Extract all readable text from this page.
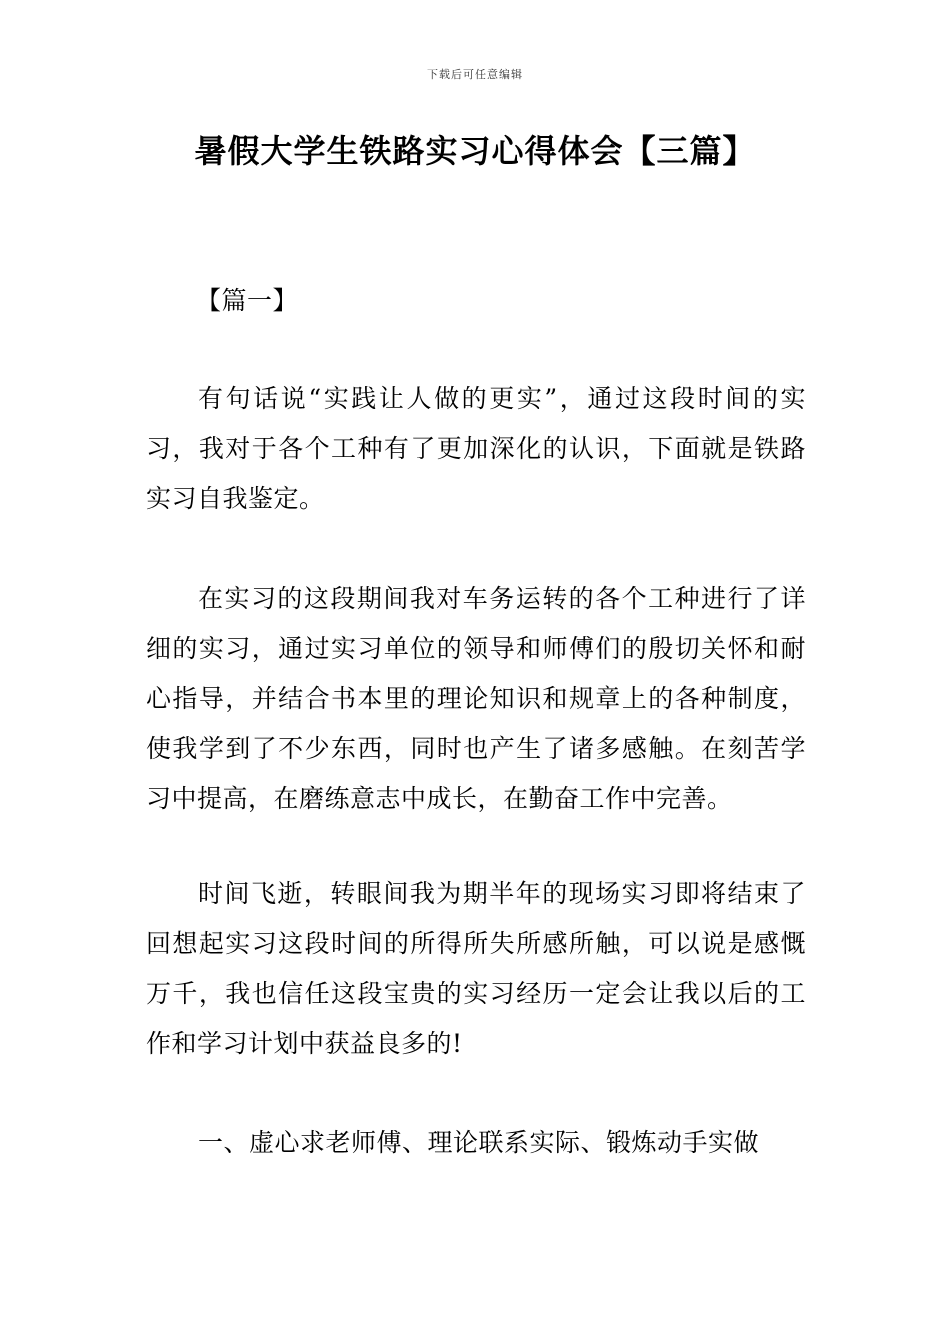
下载后可任意编辑
暑假大学生铁路实习心得体会【三篇】
【篇一】
有句话说“实践让人做的更实”，通过这段时间的实习，我对于各个工种有了更加深化的认识，下面就是铁路实习自我鉴定。
在实习的这段期间我对车务运转的各个工种进行了详细的实习，通过实习单位的领导和师傅们的殷切关怀和耐心指导，并结合书本里的理论知识和规章上的各种制度，使我学到了不少东西，同时也产生了诸多感触。在刻苦学习中提高，在磨练意志中成长，在勤奋工作中完善。
时间飞逝，转眼间我为期半年的现场实习即将结束了回想起实习这段时间的所得所失所感所触，可以说是感慨万千，我也信任这段宝贵的实习经历一定会让我以后的工作和学习计划中获益良多的!
一、虚心求老师傅、理论联系实际、锻炼动手实做
